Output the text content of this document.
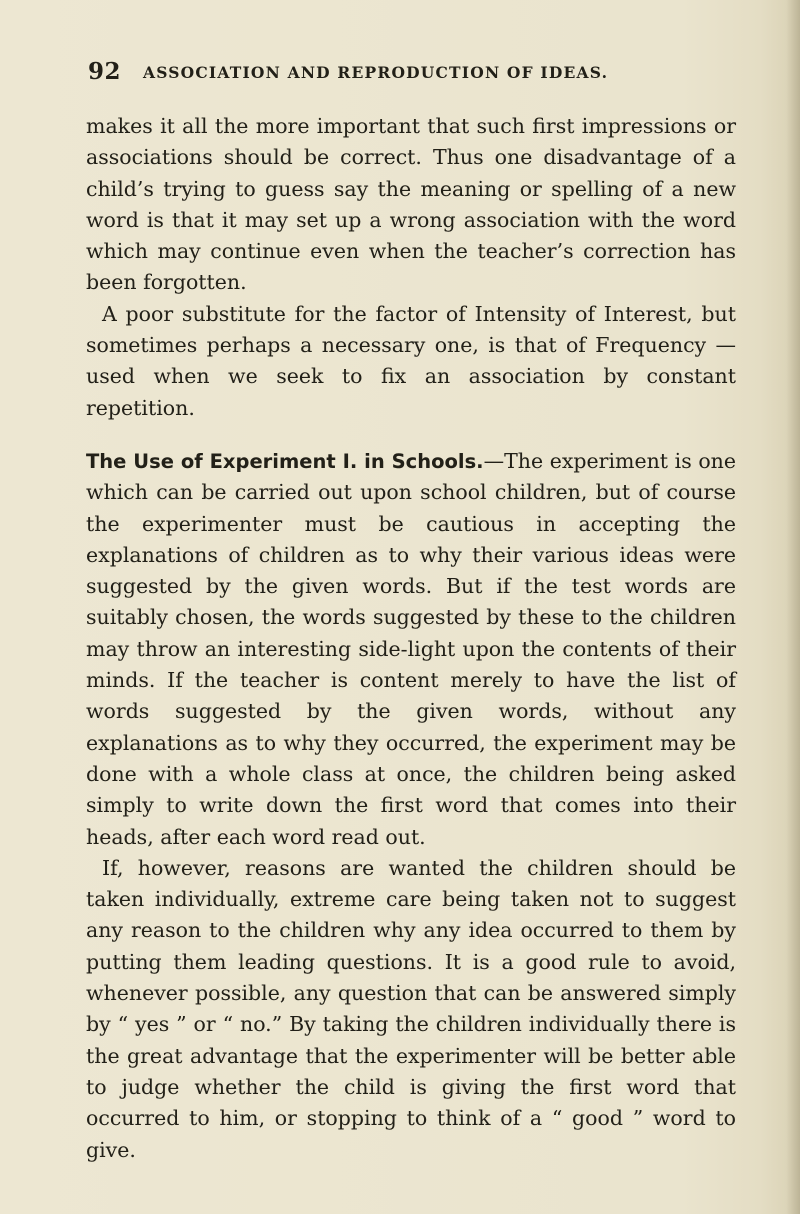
92 ASSOCIATION AND REPRODUCTION OF IDEAS.

makes it all the more important that such first impressions or associations should be correct. Thus one disadvantage of a child’s trying to guess say the meaning or spelling of a new word is that it may set up a wrong association with the word which may continue even when the teacher’s correction has been forgotten.

A poor substitute for the factor of Intensity of Interest, but sometimes perhaps a necessary one, is that of Frequency —used when we seek to fix an association by constant repetition.

The Use of Experiment I. in Schools.—The experiment is one which can be carried out upon school children, but of course the experimenter must be cautious in accepting the explanations of children as to why their various ideas were suggested by the given words. But if the test words are suitably chosen, the words suggested by these to the children may throw an interesting side-light upon the contents of their minds. If the teacher is content merely to have the list of words suggested by the given words, without any explanations as to why they occurred, the experiment may be done with a whole class at once, the children being asked simply to write down the first word that comes into their heads, after each word read out.

If, however, reasons are wanted the children should be taken individually, extreme care being taken not to suggest any reason to the children why any idea occurred to them by putting them leading questions. It is a good rule to avoid, whenever possible, any question that can be answered simply by “ yes ” or “ no.” By taking the children individually there is the great advantage that the experimenter will be better able to judge whether the child is giving the first word that occurred to him, or stopping to think of a “ good ” word to give.
